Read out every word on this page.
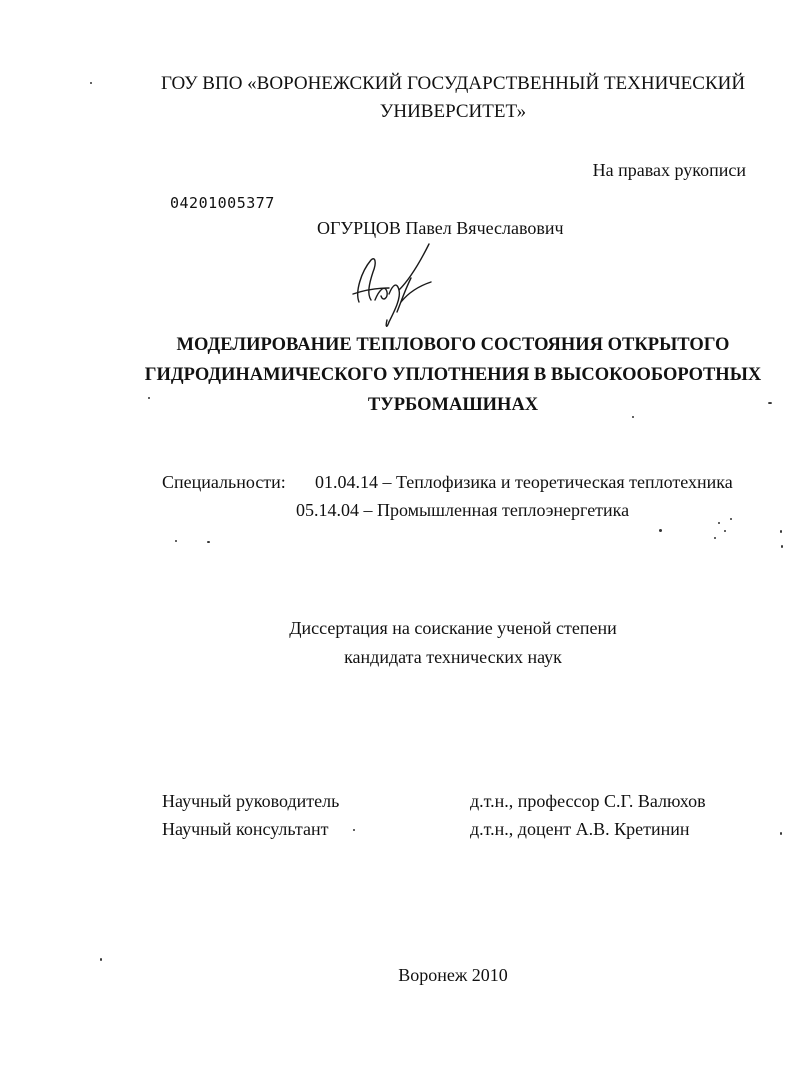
ГОУ ВПО «ВОРОНЕЖСКИЙ ГОСУДАРСТВЕННЫЙ ТЕХНИЧЕСКИЙ
УНИВЕРСИТЕТ»
На правах рукописи
04201005377
ОГУРЦОВ Павел Вячеславович
МОДЕЛИРОВАНИЕ ТЕПЛОВОГО СОСТОЯНИЯ ОТКРЫТОГО
ГИДРОДИНАМИЧЕСКОГО УПЛОТНЕНИЯ В ВЫСОКООБОРОТНЫХ
ТУРБОМАШИНАХ
Специальности: 01.04.14 – Теплофизика и теоретическая теплотехника
05.14.04 – Промышленная теплоэнергетика
Диссертация на соискание ученой степени
кандидата технических наук
Научный руководитель	д.т.н., профессор С.Г. Валюхов
Научный консультант	д.т.н., доцент А.В. Кретинин
Воронеж 2010
